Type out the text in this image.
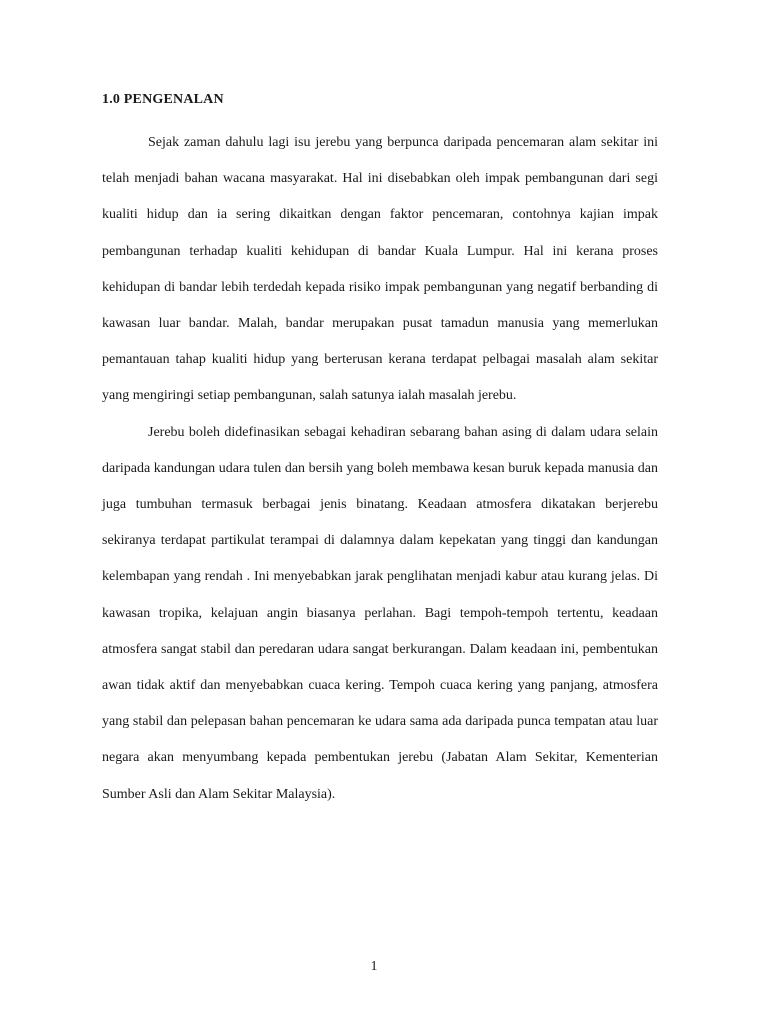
1.0 PENGENALAN

Sejak zaman dahulu lagi isu jerebu yang berpunca daripada pencemaran alam sekitar ini telah menjadi bahan wacana masyarakat. Hal ini disebabkan oleh impak pembangunan dari segi kualiti hidup dan ia sering dikaitkan dengan faktor pencemaran, contohnya kajian impak pembangunan terhadap kualiti kehidupan di bandar Kuala Lumpur. Hal ini kerana proses kehidupan di bandar lebih terdedah kepada risiko impak pembangunan yang negatif berbanding di kawasan luar bandar. Malah, bandar merupakan pusat tamadun manusia yang memerlukan pemantauan tahap kualiti hidup yang berterusan kerana terdapat pelbagai masalah alam sekitar yang mengiringi setiap pembangunan, salah satunya ialah masalah jerebu.

Jerebu boleh didefinasikan sebagai kehadiran sebarang bahan asing di dalam udara selain daripada kandungan udara tulen dan bersih yang boleh membawa kesan buruk kepada manusia dan juga tumbuhan termasuk berbagai jenis binatang. Keadaan atmosfera dikatakan berjerebu sekiranya terdapat partikulat terampai di dalamnya dalam kepekatan yang tinggi dan kandungan kelembapan yang rendah . Ini menyebabkan jarak penglihatan menjadi kabur atau kurang jelas. Di kawasan tropika, kelajuan angin biasanya perlahan. Bagi tempoh-tempoh tertentu, keadaan atmosfera sangat stabil dan peredaran udara sangat berkurangan. Dalam keadaan ini, pembentukan awan tidak aktif dan menyebabkan cuaca kering. Tempoh cuaca kering yang panjang, atmosfera yang stabil dan pelepasan bahan pencemaran ke udara sama ada daripada punca tempatan atau luar negara akan menyumbang kepada pembentukan jerebu (Jabatan Alam Sekitar, Kementerian Sumber Asli dan Alam Sekitar Malaysia).

1
